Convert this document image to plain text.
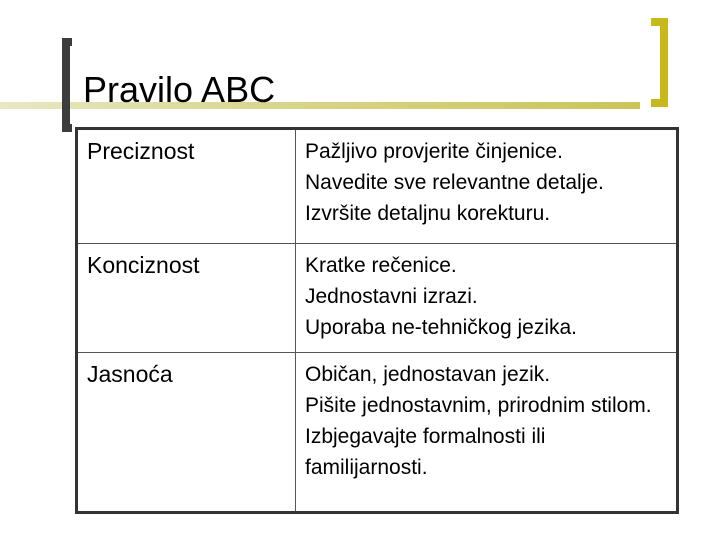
Pravilo ABC
Preciznost	Pažljivo provjerite činjenice.
Navedite sve relevantne detalje.
Izvršite detaljnu korekturu.

Konciznost	Kratke rečenice.
Jednostavni izrazi.
Uporaba ne-tehničkog jezika.

Jasnoća	Običan, jednostavan jezik.
Pišite jednostavnim, prirodnim stilom.
Izbjegavajte formalnosti ili familijarnosti.
